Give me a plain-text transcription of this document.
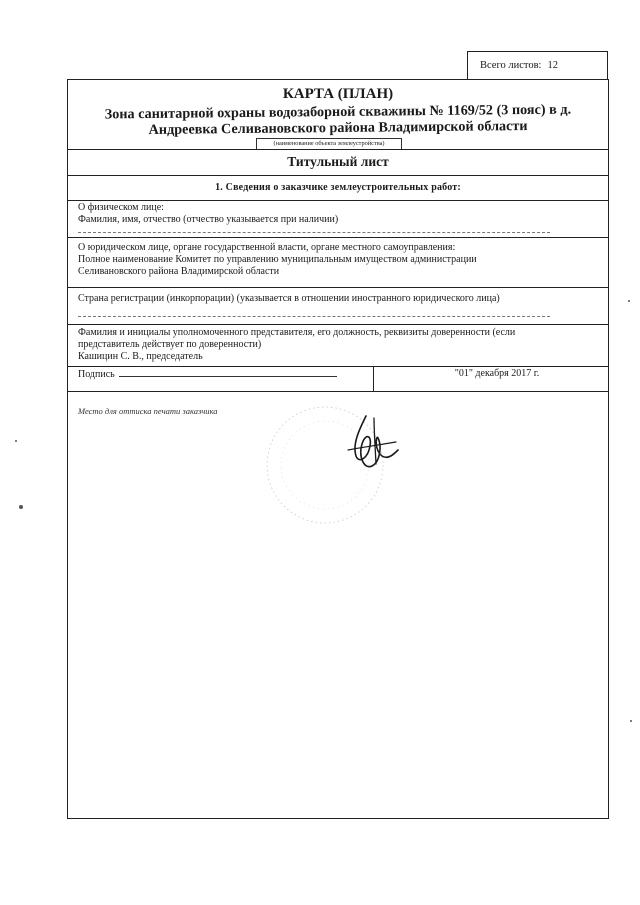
Всего листов: 12
КАРТА (ПЛАН)
Зона санитарной охраны водозаборной скважины № 1169/52 (3 пояс) в д.
Андреевка Селивановского района Владимирской области
(наименование объекта землеустройства)
Титульный лист
1. Сведения о заказчике землеустроительных работ:
О физическом лице:
Фамилия, имя, отчество (отчество указывается при наличии)
О юридическом лице, органе государственной власти, органе местного самоуправления:
Полное наименование Комитет по управлению муниципальным имуществом администрации
Селивановского района Владимирской области
Страна регистрации (инкорпорации) (указывается в отношении иностранного юридического лица)
Фамилия и инициалы уполномоченного представителя, его должность, реквизиты доверенности (если
представитель действует по доверенности)
Кашицин С. В., председатель
Подпись	"01" декабря 2017 г.
Место для оттиска печати заказчика
